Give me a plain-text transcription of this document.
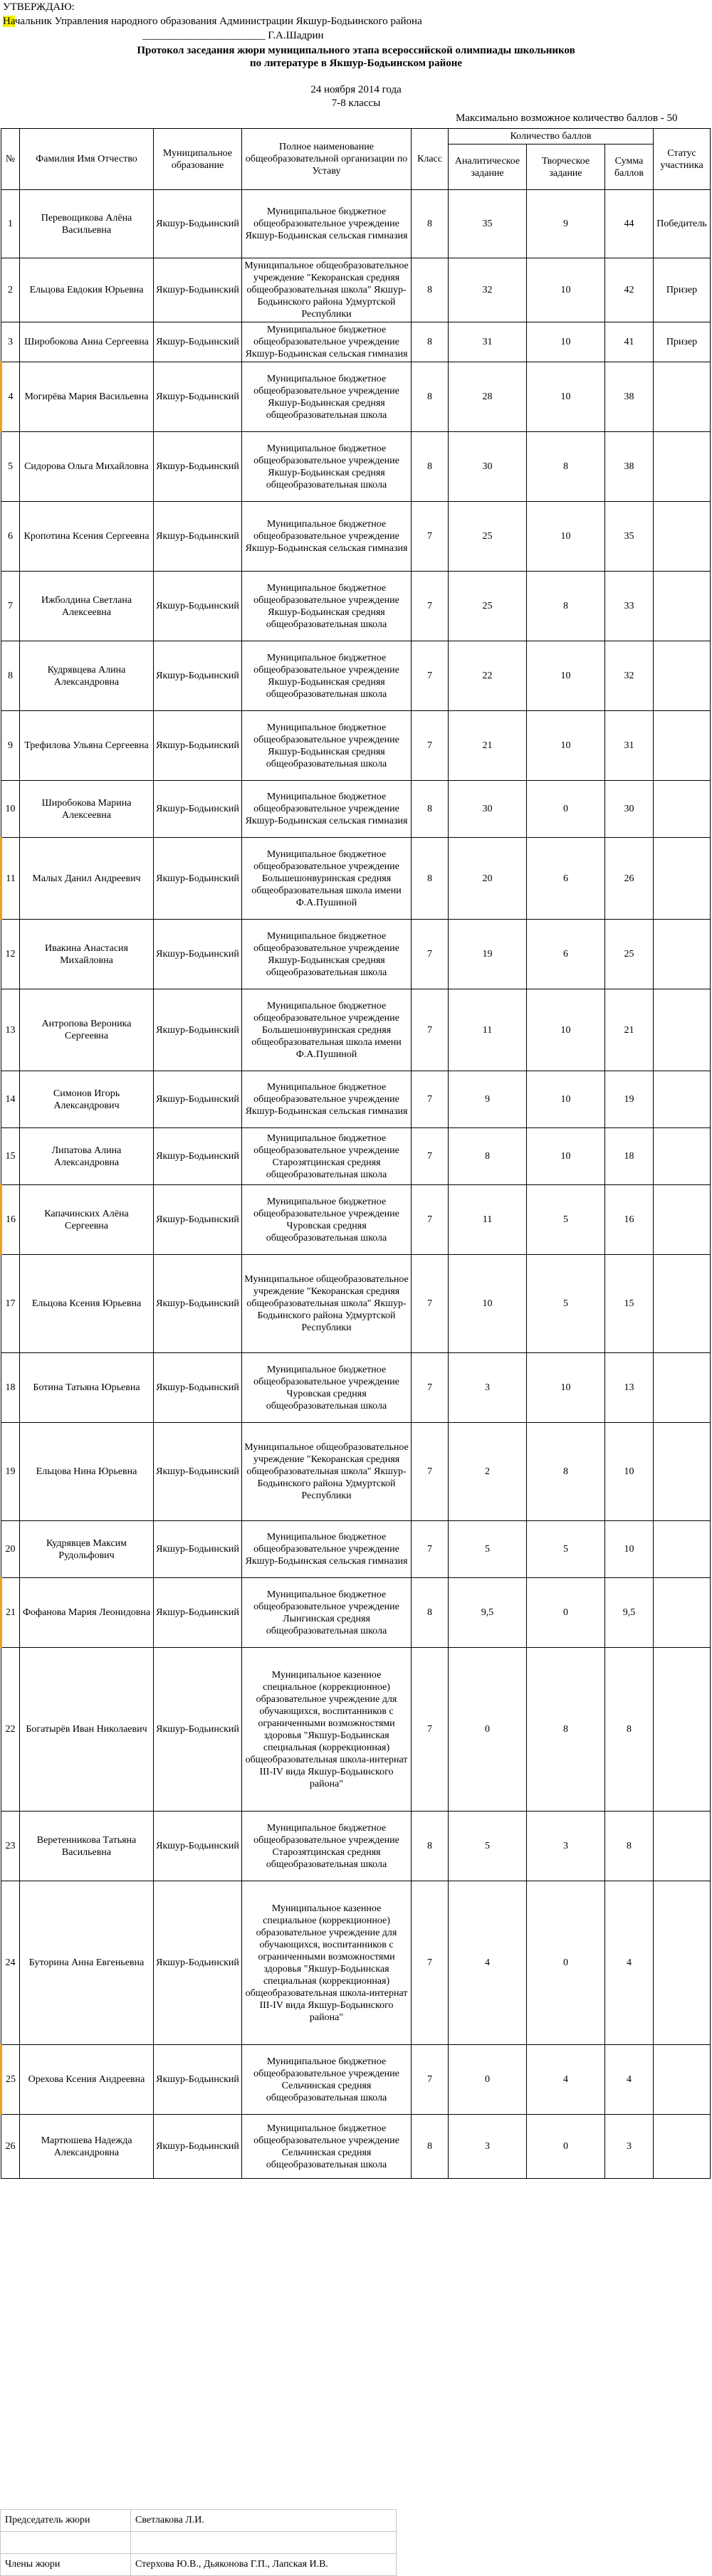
УТВЕРЖДАЮ:
Начальник Управления народного образования Администрации Якшур-Бодьинского района
_______________________ Г.А.Шадрин
Протокол заседания жюри муниципального этапа всероссийской олимпиады школьников
по литературе в Якшур-Бодьинском районе
24 ноября 2014 года
7-8 классы
Максимально возможное количество баллов - 50
№	Фамилия Имя Отчество	Муниципальное образование	Полное наименование общеобразовательной организации по Уставу	Класс	Количество баллов			Статус участника
					Аналитическое задание	Творческое задание	Сумма баллов	
1	Перевощикова Алёна Васильевна	Якшур-Бодьинский	Муниципальное бюджетное общеобразовательное учреждение Якшур-Бодьинская сельская гимназия	8	35	9	44	Победитель
2	Ельцова Евдокия Юрьевна	Якшур-Бодьинский	Муниципальное общеобразовательное учреждение "Кекоранская средняя общеобразовательная школа" Якшур-Бодьинского района Удмуртской Республики	8	32	10	42	Призер
3	Широбокова Анна Сергеевна	Якшур-Бодьинский	Муниципальное бюджетное общеобразовательное учреждение Якшур-Бодьинская сельская гимназия	8	31	10	41	Призер
4	Могирёва Мария Васильевна	Якшур-Бодьинский	Муниципальное бюджетное общеобразовательное учреждение Якшур-Бодьинская средняя общеобразовательная школа	8	28	10	38	
5	Сидорова Ольга Михайловна	Якшур-Бодьинский	Муниципальное бюджетное общеобразовательное учреждение Якшур-Бодьинская средняя общеобразовательная школа	8	30	8	38	
6	Кропотина Ксения Сергеевна	Якшур-Бодьинский	Муниципальное бюджетное общеобразовательное учреждение Якшур-Бодьинская сельская гимназия	7	25	10	35	
7	Ижболдина Светлана Алексеевна	Якшур-Бодьинский	Муниципальное бюджетное общеобразовательное учреждение Якшур-Бодьинская средняя общеобразовательная школа	7	25	8	33	
8	Кудрявцева Алина Александровна	Якшур-Бодьинский	Муниципальное бюджетное общеобразовательное учреждение Якшур-Бодьинская средняя общеобразовательная школа	7	22	10	32	
9	Трефилова Ульяна Сергеевна	Якшур-Бодьинский	Муниципальное бюджетное общеобразовательное учреждение Якшур-Бодьинская средняя общеобразовательная школа	7	21	10	31	
10	Широбокова Марина Алексеевна	Якшур-Бодьинский	Муниципальное бюджетное общеобразовательное учреждение Якшур-Бодьинская сельская гимназия	8	30	0	30	
11	Малых Данил Андреевич	Якшур-Бодьинский	Муниципальное бюджетное общеобразовательное учреждение Большешонвуринская средняя общеобразовательная школа имени Ф.А.Пушиной	8	20	6	26	
12	Ивакина Анастасия Михайловна	Якшур-Бодьинский	Муниципальное бюджетное общеобразовательное учреждение Якшур-Бодьинская средняя общеобразовательная школа	7	19	6	25	
13	Антропова Вероника Сергеевна	Якшур-Бодьинский	Муниципальное бюджетное общеобразовательное учреждение Большешонвуринская средняя общеобразовательная школа имени Ф.А.Пушиной	7	11	10	21	
14	Симонов Игорь Александрович	Якшур-Бодьинский	Муниципальное бюджетное общеобразовательное учреждение Якшур-Бодьинская сельская гимназия	7	9	10	19	
15	Липатова Алина Александровна	Якшур-Бодьинский	Муниципальное бюджетное общеобразовательное учреждение Старозятцинская средняя общеобразовательная школа	7	8	10	18	
16	Капачинских Алёна Сергеевна	Якшур-Бодьинский	Муниципальное бюджетное общеобразовательное учреждение Чуровская средняя общеобразовательная школа	7	11	5	16	
17	Ельцова Ксения Юрьевна	Якшур-Бодьинский	Муниципальное общеобразовательное учреждение "Кекоранская средняя общеобразовательная школа" Якшур-Бодьинского района Удмуртской Республики	7	10	5	15	
18	Ботина Татьяна Юрьевна	Якшур-Бодьинский	Муниципальное бюджетное общеобразовательное учреждение Чуровская средняя общеобразовательная школа	7	3	10	13	
19	Ельцова Нина Юрьевна	Якшур-Бодьинский	Муниципальное общеобразовательное учреждение "Кекоранская средняя общеобразовательная школа" Якшур-Бодьинского района Удмуртской Республики	7	2	8	10	
20	Кудрявцев Максим Рудольфович	Якшур-Бодьинский	Муниципальное бюджетное общеобразовательное учреждение Якшур-Бодьинская сельская гимназия	7	5	5	10	
21	Фофанова Мария Леонидовна	Якшур-Бодьинский	Муниципальное бюджетное общеобразовательное учреждение Лынгинская средняя общеобразовательная школа	8	9,5	0	9,5	
22	Богатырёв Иван Николаевич	Якшур-Бодьинский	Муниципальное казенное специальное (коррекционное) образовательное учреждение для обучающихся, воспитанников с ограниченными возможностями здоровья "Якшур-Бодьинская специальная (коррекционная) общеобразовательная школа-интернат III-IV вида Якшур-Бодьинского района"	7	0	8	8	
23	Веретенникова Татьяна Васильевна	Якшур-Бодьинский	Муниципальное бюджетное общеобразовательное учреждение Старозятцинская средняя общеобразовательная школа	8	5	3	8	
24	Буторина Анна Евгеньевна	Якшур-Бодьинский	Муниципальное казенное специальное (коррекционное) образовательное учреждение для обучающихся, воспитанников с ограниченными возможностями здоровья "Якшур-Бодьинская специальная (коррекционная) общеобразовательная школа-интернат III-IV вида Якшур-Бодьинского района"	7	4	0	4	
25	Орехова Ксения Андреевна	Якшур-Бодьинский	Муниципальное бюджетное общеобразовательное учреждение Сельчинская средняя общеобразовательная школа	7	0	4	4	
26	Мартюшева Надежда Александровна	Якшур-Бодьинский	Муниципальное бюджетное общеобразовательное учреждение Сельчинская средняя общеобразовательная школа	8	3	0	3	
Председатель жюри	Светлакова Л.И.

Члены жюри	Стерхова Ю.В., Дьяконова Г.П., Лапская И.В.
